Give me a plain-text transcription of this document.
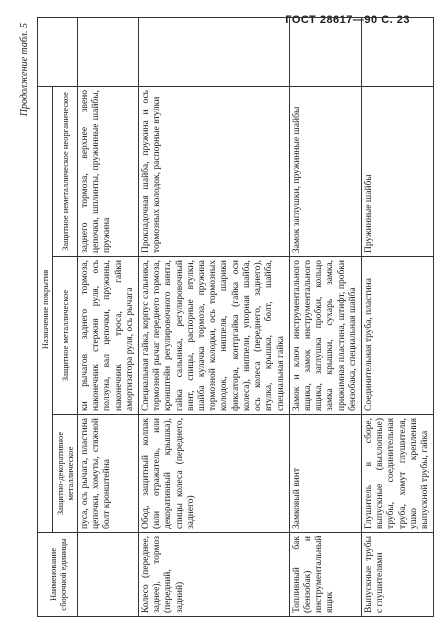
ГОСТ 28617—90 С. 23
Продолжение табл. 5
Наименование сборочной единицы	Назначение покрытия			
	Защитно-декоративное металлическое	Защитное металлическое	Защитное неметаллическое неорганическое	
	пуса, ось рычага, пластина цепочки, хомуты, стяжной болт кронштейна	ки рычагов заднего тормоза, наконечник стержня руля, ось ползуна, вал цепочки, пружины, наконечник троса, гайки амортизатора руля, ось рычага	заднего тормоза, верхнее звено цепочки, шплинты, пружинные шайбы, пружина	
Колесо (переднее, заднее), тормоз (передний, задний)	Обод, защитный колпак (или отражатель, или декоративный крышка), спицы колеса (переднего, заднего)	Специальная гайка, корпус сальника, тормозной рычаг переднего тормоза, кронштейн регулировочного винта, гайка сальника, регулировочный винт, спицы, распорные втулки, шайба кулачка тормоза, пружина тормозной колодки, ось тормозных колодок, ниппеля, шарики фиксатора, контргайка (гайка оси колеса), ниппели, упорная шайба, ось колеса (переднего, заднего), втулка, крышка, болт, шайба, специальная гайка	Прокладочная шайба, пружина и ось тормозных колодок, распорные втулки	
Топливный бак (бензобак) и инструментальный ящик	Замковый винт	Замок и ключ инструментального ящика, замок инструментального ящика, заглушка пробки, кольцо замка крышки, сухарь замка, прижимная пластина, штифт, пробки бензобака, специальная шайба	Замок заглушки, пружинные шайбы	
Выпускные трубы с глушителями	Глушитель в сборе, выпускные (выхлопные) трубы, соединительная труба, хомут глушителя, ушко крепления выпускной трубы, гайка	Соединительная труба, пластина	Пружинные шайбы	
